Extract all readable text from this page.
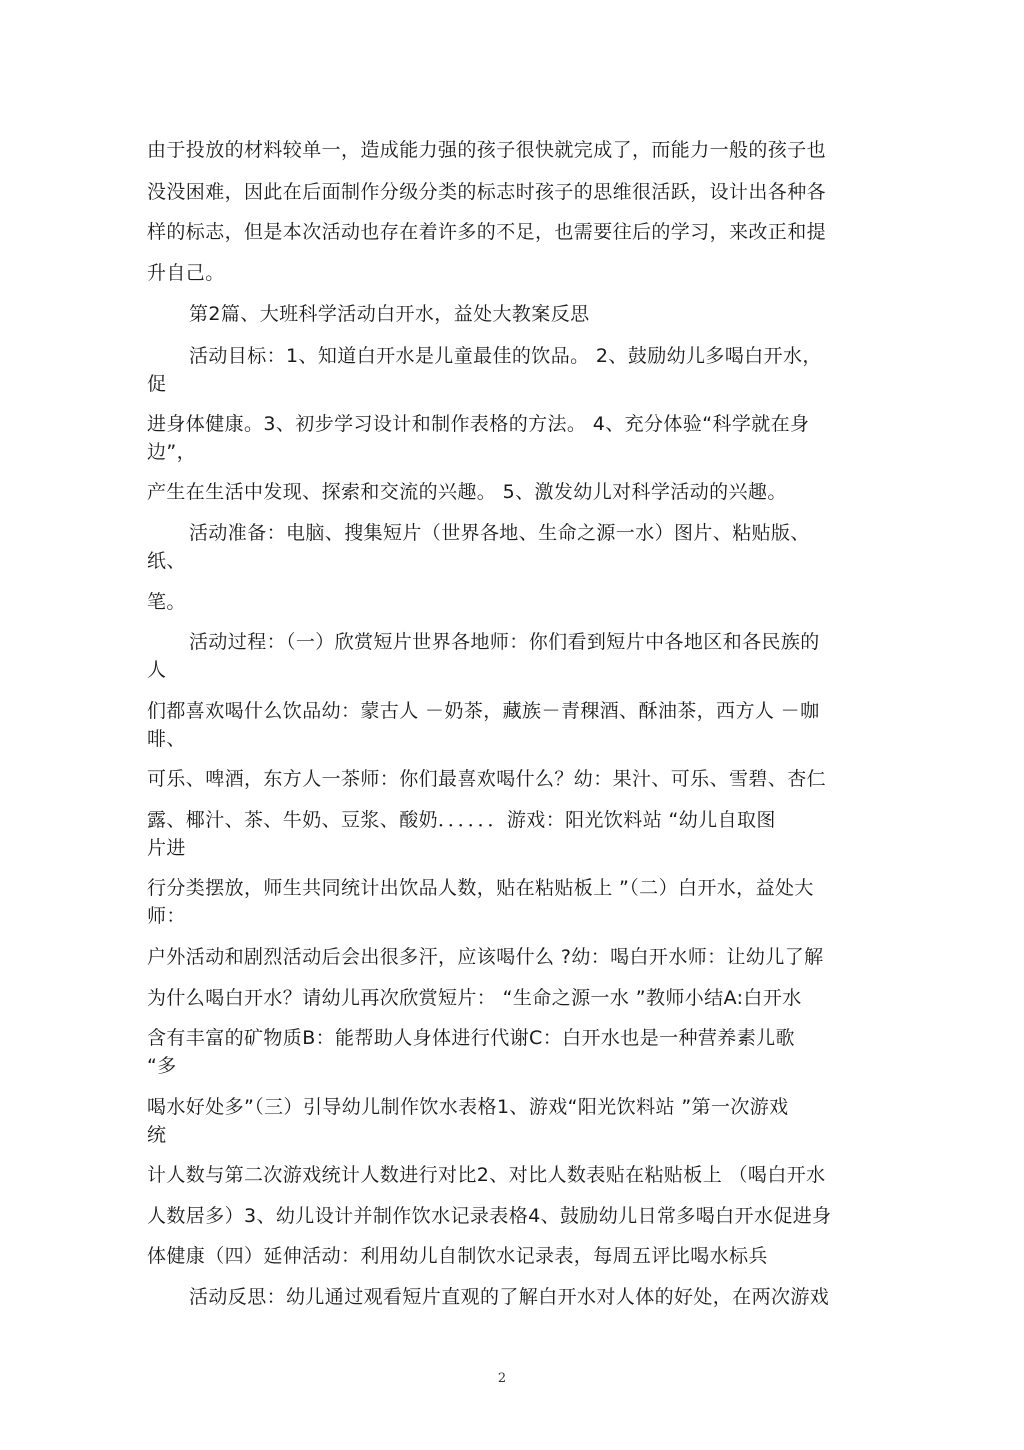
由于投放的材料较单一，造成能力强的孩子很快就完成了，而能力一般的孩子也

没没困难，因此在后面制作分级分类的标志时孩子的思维很活跃，设计出各种各

样的标志，但是本次活动也存在着许多的不足，也需要往后的学习，来改正和提

升自己。

第2篇、大班科学活动白开水，益处大教案反思

活动目标：1、知道白开水是儿童最佳的饮品。 2、鼓励幼儿多喝白开水，

促

进身体健康。3、初步学习设计和制作表格的方法。 4、充分体验“科学就在身

边”，

产生在生活中发现、探索和交流的兴趣。 5、激发幼儿对科学活动的兴趣。

活动准备：电脑、搜集短片（世界各地、生命之源一水）图片、粘贴版、

纸、

笔。

活动过程：（一）欣赏短片世界各地师：你们看到短片中各地区和各民族的

人

们都喜欢喝什么饮品幼：蒙古人 －奶茶，藏族－青稞酒、酥油茶，西方人 －咖

啡、

可乐、啤酒，东方人一茶师：你们最喜欢喝什么？幼：果汁、可乐、雪碧、杏仁

露、椰汁、茶、牛奶、豆浆、酸奶．．．．．．游戏：阳光饮料站 “幼儿自取图

片进

行分类摆放，师生共同统计出饮品人数，贴在粘贴板上 ”（二）白开水，益处大

师：

户外活动和剧烈活动后会出很多汗，应该喝什么 ?幼：喝白开水师：让幼儿了解

为什么喝白开水？请幼儿再次欣赏短片： “生命之源一水 ”教师小结A:白开水

含有丰富的矿物质B：能帮助人身体进行代谢C：白开水也是一种营养素儿歌

“多

喝水好处多”（三）引导幼儿制作饮水表格1、游戏“阳光饮料站 ”第一次游戏

统

计人数与第二次游戏统计人数进行对比2、对比人数表贴在粘贴板上 （喝白开水

人数居多）3、幼儿设计并制作饮水记录表格4、鼓励幼儿日常多喝白开水促进身

体健康（四）延伸活动：利用幼儿自制饮水记录表，每周五评比喝水标兵

活动反思：幼儿通过观看短片直观的了解白开水对人体的好处，在两次游戏

2
